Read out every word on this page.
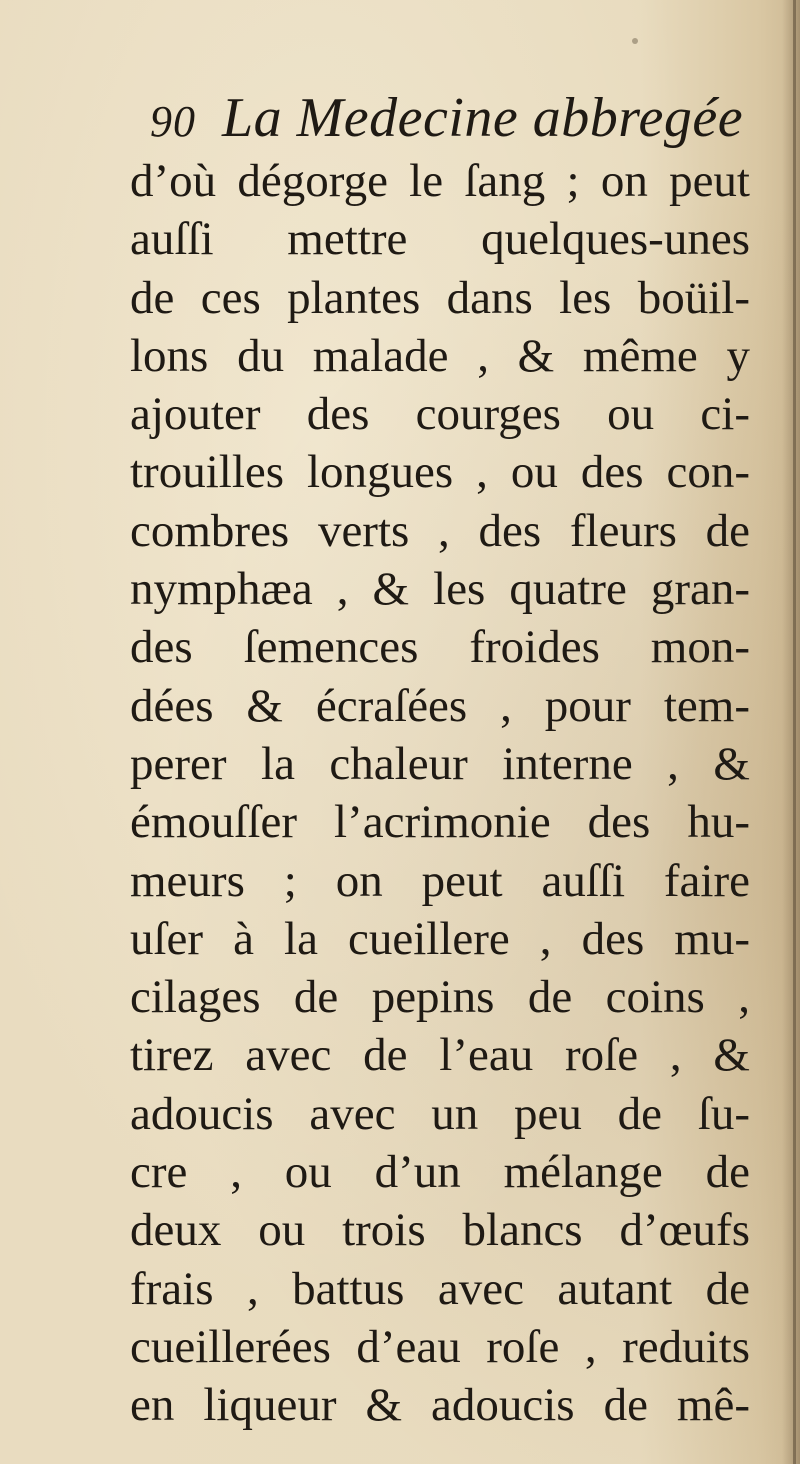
90 La Medecine abbregée
d’où dégorge le ſang ; on peut
auſſi mettre quelques-unes
de ces plantes dans les boüil-
lons du malade , & même y
ajouter des courges ou ci-
trouilles longues , ou des con-
combres verts , des fleurs de
nymphæa , & les quatre gran-
des ſemences froides mon-
dées & écraſées , pour tem-
perer la chaleur interne , &
émouſſer l’acrimonie des hu-
meurs ; on peut auſſi faire
uſer à la cueillere , des mu-
cilages de pepins de coins ,
tirez avec de l’eau roſe , &
adoucis avec un peu de ſu-
cre , ou d’un mélange de
deux ou trois blancs d’œufs
frais , battus avec autant de
cueillerées d’eau roſe , reduits
en liqueur & adoucis de mê-
